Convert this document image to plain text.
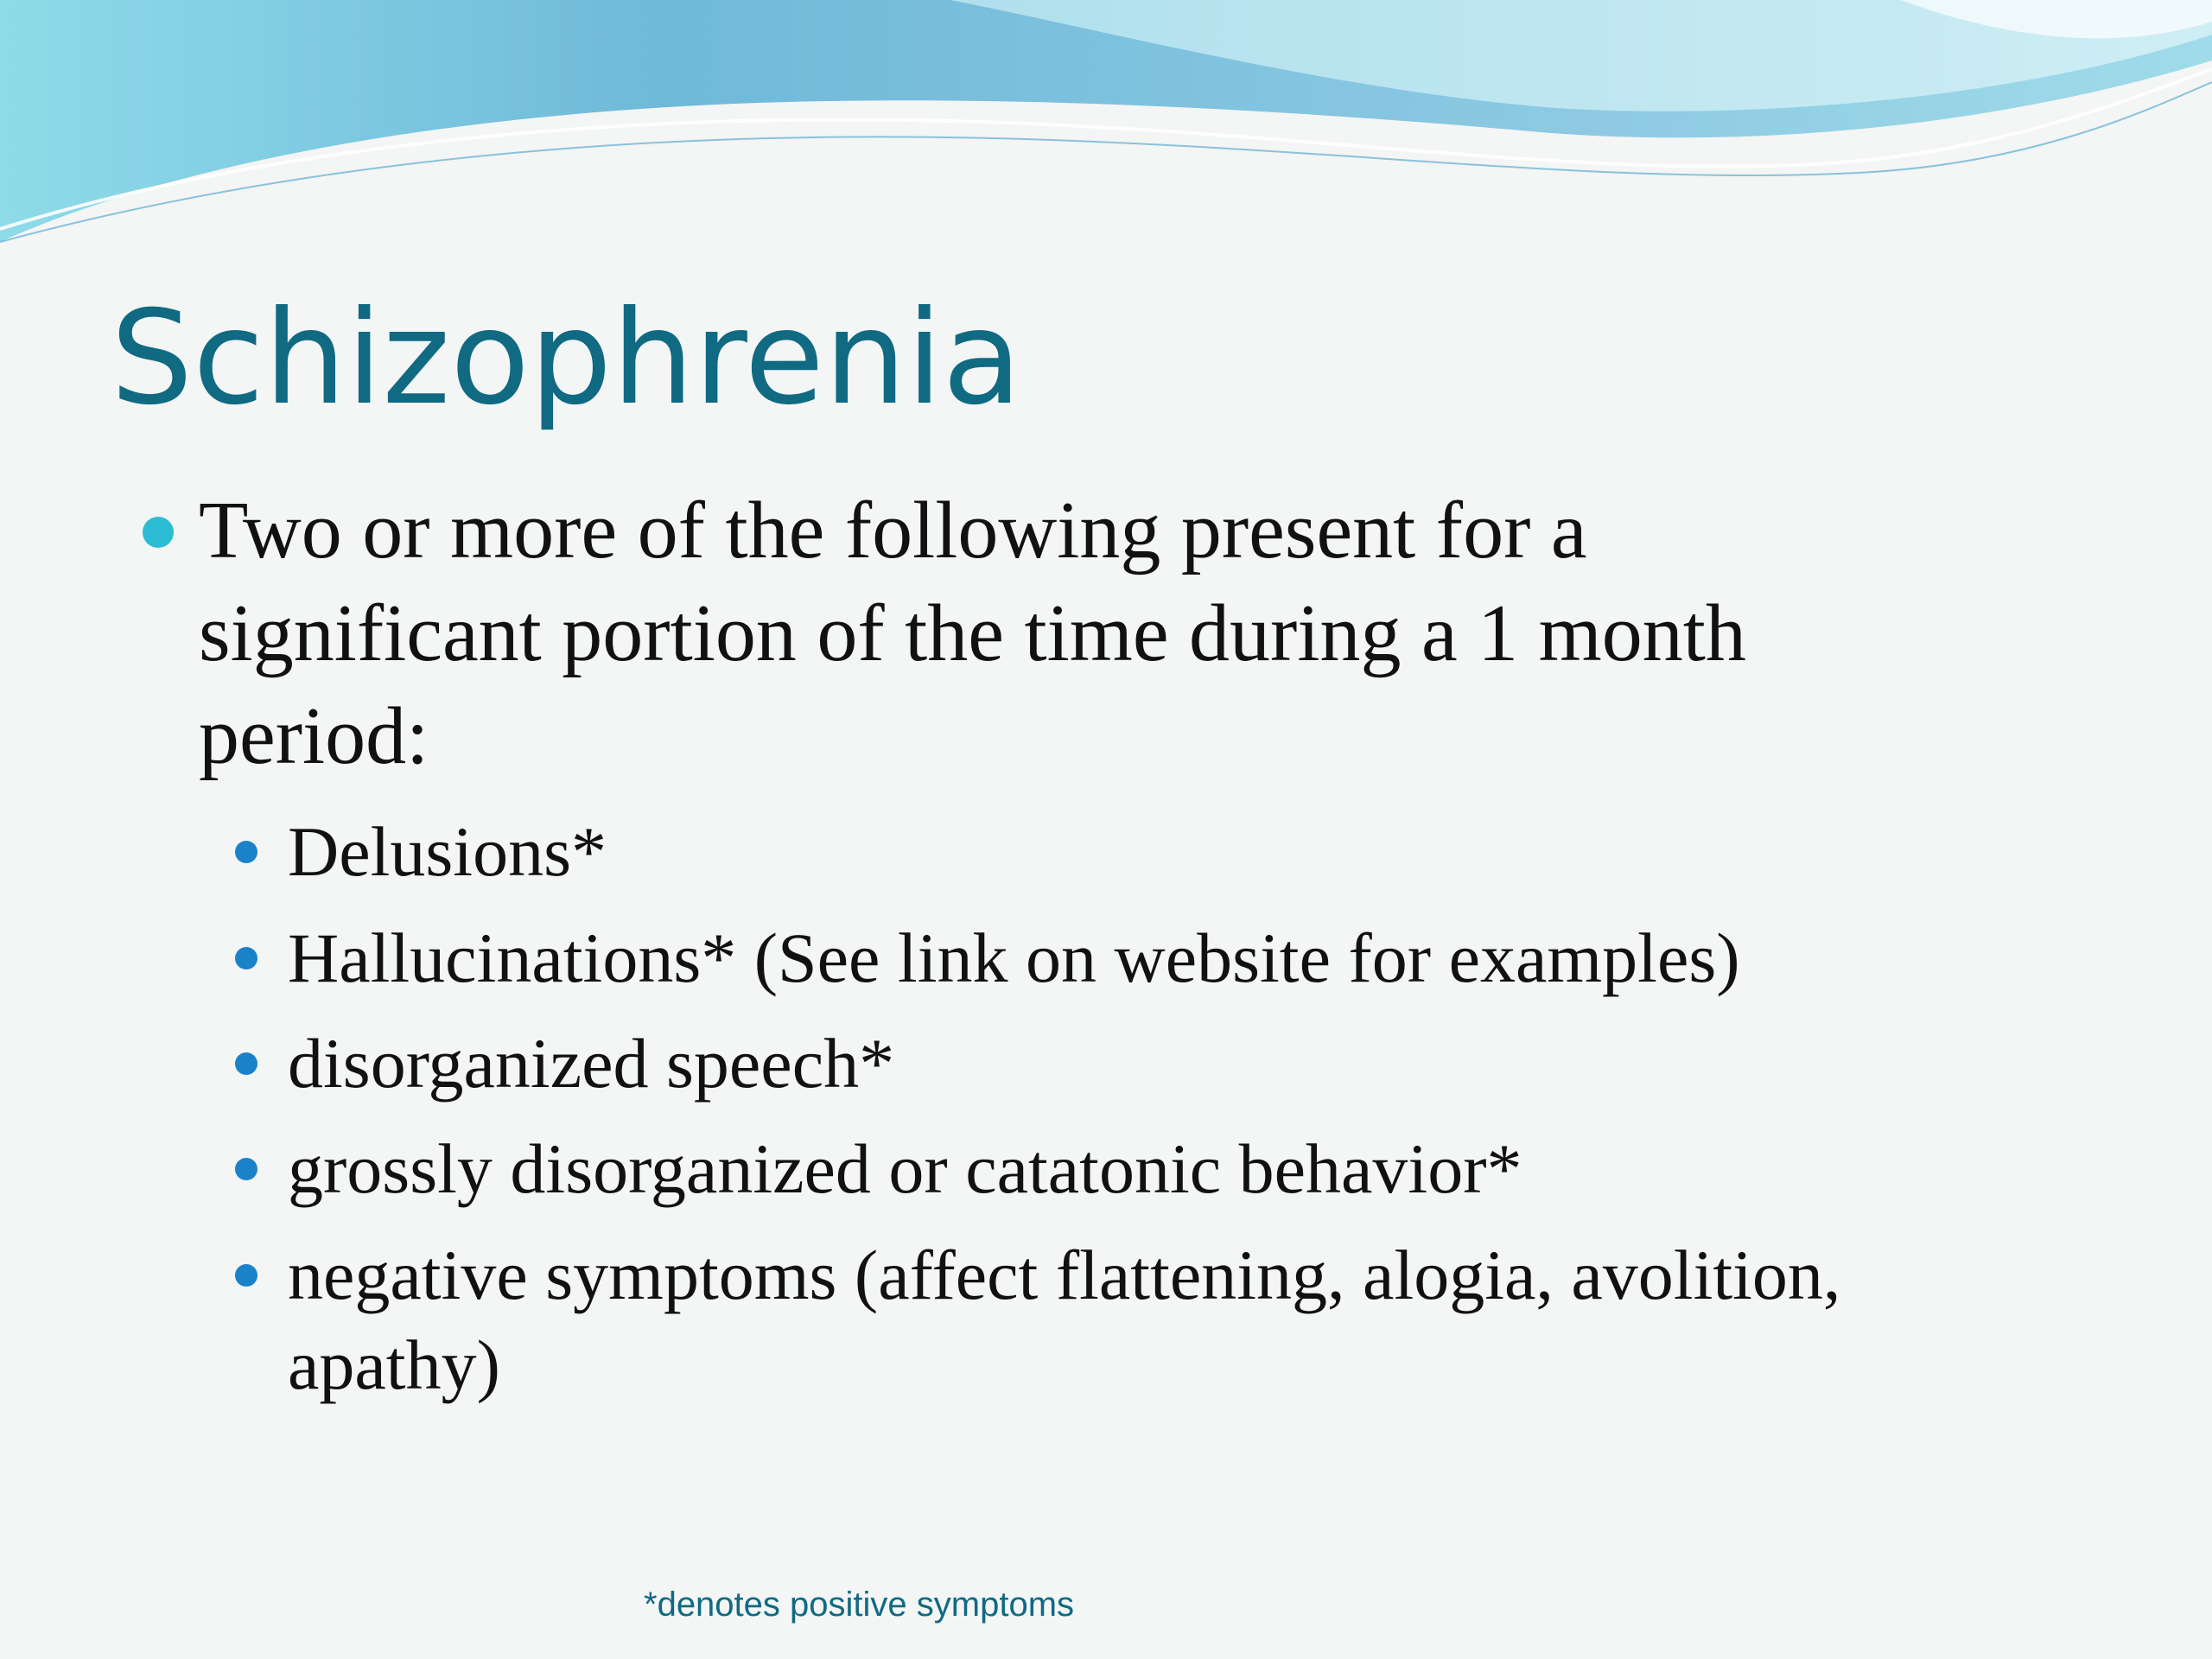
Schizophrenia
Two or more of the following present for a significant portion of the time during a 1 month period:
Delusions*
Hallucinations* (See link on website for examples)
disorganized speech*
grossly disorganized or catatonic behavior*
negative symptoms (affect flattening, alogia, avolition, apathy)
*denotes positive symptoms
